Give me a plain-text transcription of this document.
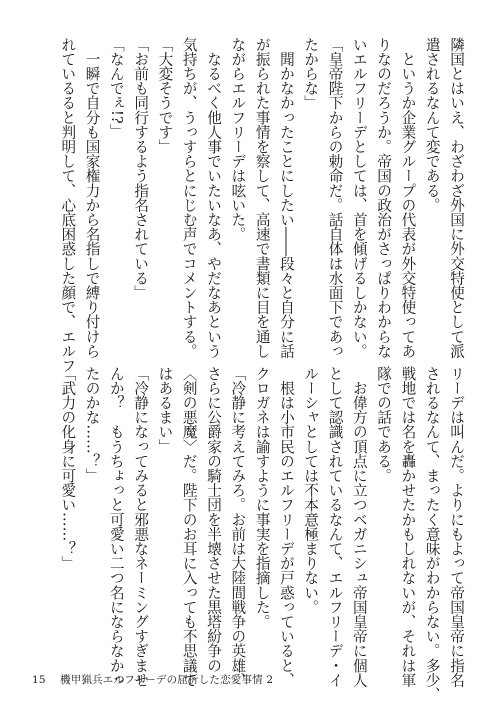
隣国とはいえ、わざわざ外国に外交特使として派

遣されるなんて変である。

　というか企業グループの代表が外交特使ってあ

りなのだろうか。帝国の政治がさっぱりわからな

いエルフリーデとしては、首を傾げるしかない。

「皇帝陛下からの勅命だ。話自体は水面下であっ

たからな」

　聞かなかったことにしたい――段々と自分に話

が振られた事情を察して、高速で書類に目を通し

ながらエルフリーデは呟いた。

　なるべく他人事でいたいなあ、やだなあという

気持ちが、うっすらとにじむ声でコメントする。

「大変そうです」

「お前も同行するよう指名されている」

「なんでぇ!?」

　一瞬で自分も国家権力から名指しで縛り付けら

れているると判明して、心底困惑した顔で、エルフ

リーデは叫んだ。よりにもよって帝国皇帝に指名

されるなんて、まったく意味がわからない。多少、

戦地では名を轟かせたかもしれないが、それは軍

隊での話である。

　お偉方の頂点に立つベガニシュ帝国皇帝に個人

として認識されているなんて、エルフリーデ・イ

ルーシャとしては不本意極まりない。

　根は小市民のエルフリーデが戸惑っていると、

クロガネは諭すように事実を指摘した。

「冷静に考えてみろ。お前は大陸間戦争の英雄、

さらに公爵家の騎士団を半壊させた黒塔紛争の

〈剣の悪魔〉だ。陛下のお耳に入っても不思議で

はあるまい」

「冷静になってみると邪悪なネーミングすぎませ

んか？　もうちょっと可愛い二つ名にならなかっ

たのかな……？」

「武力の化身に可愛い……？」

15 機甲猟兵エルフリーデの屈折した恋愛事情 2
